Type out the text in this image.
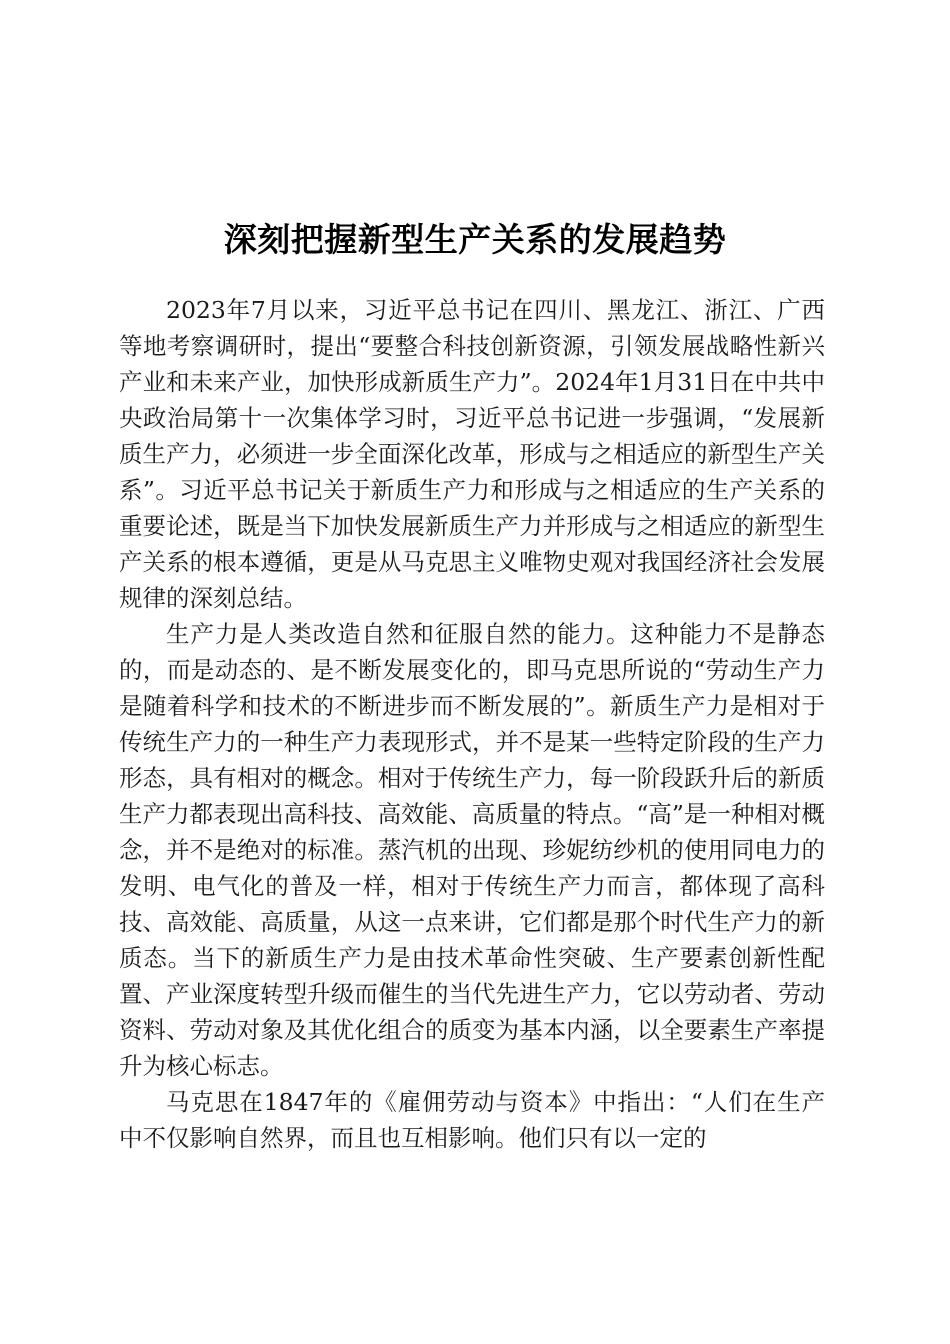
深刻把握新型生产关系的发展趋势

2023年7月以来，习近平总书记在四川、黑龙江、浙江、广西等地考察调研时，提出“要整合科技创新资源，引领发展战略性新兴产业和未来产业，加快形成新质生产力”。2024年1月31日在中共中央政治局第十一次集体学习时，习近平总书记进一步强调，“发展新质生产力，必须进一步全面深化改革，形成与之相适应的新型生产关系”。习近平总书记关于新质生产力和形成与之相适应的生产关系的重要论述，既是当下加快发展新质生产力并形成与之相适应的新型生产关系的根本遵循，更是从马克思主义唯物史观对我国经济社会发展规律的深刻总结。

生产力是人类改造自然和征服自然的能力。这种能力不是静态的，而是动态的、是不断发展变化的，即马克思所说的“劳动生产力是随着科学和技术的不断进步而不断发展的”。新质生产力是相对于传统生产力的一种生产力表现形式，并不是某一些特定阶段的生产力形态，具有相对的概念。相对于传统生产力，每一阶段跃升后的新质生产力都表现出高科技、高效能、高质量的特点。“高”是一种相对概念，并不是绝对的标准。蒸汽机的出现、珍妮纺纱机的使用同电力的发明、电气化的普及一样，相对于传统生产力而言，都体现了高科技、高效能、高质量，从这一点来讲，它们都是那个时代生产力的新质态。当下的新质生产力是由技术革命性突破、生产要素创新性配置、产业深度转型升级而催生的当代先进生产力，它以劳动者、劳动资料、劳动对象及其优化组合的质变为基本内涵，以全要素生产率提升为核心标志。

马克思在1847年的《雇佣劳动与资本》中指出：“人们在生产中不仅影响自然界，而且也互相影响。他们只有以一定的
